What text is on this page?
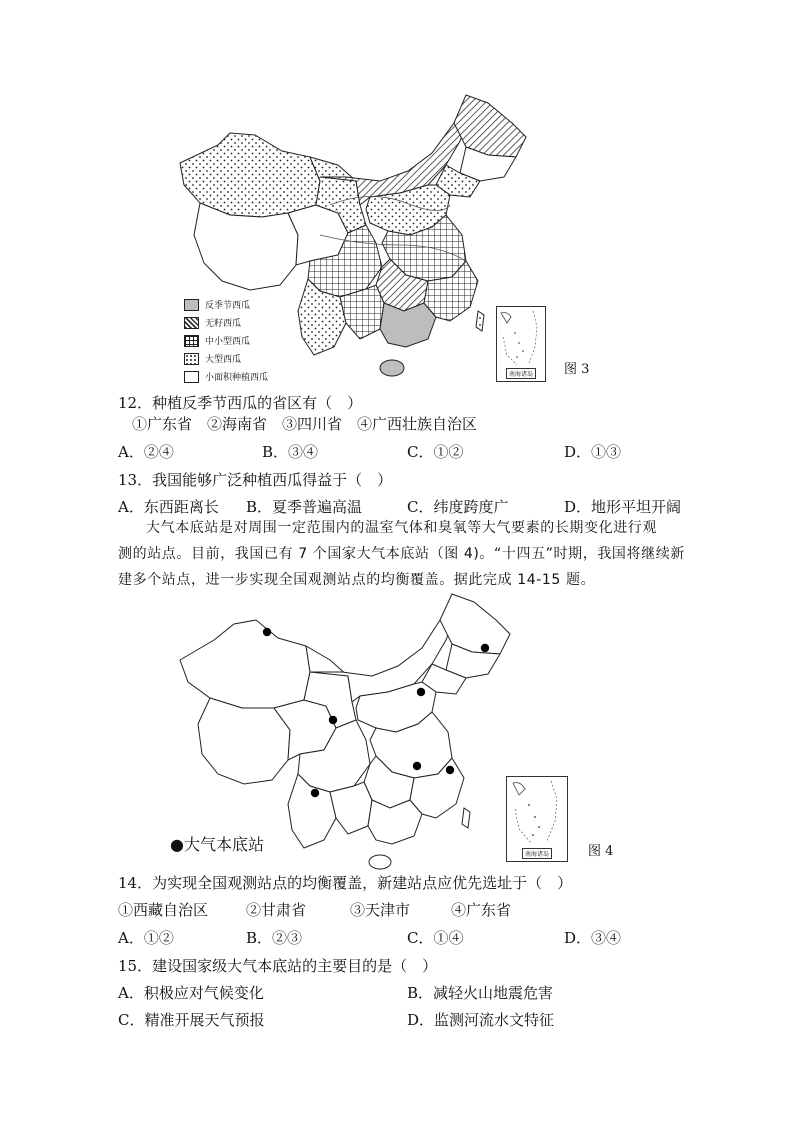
反季节西瓜
无籽西瓜
中小型西瓜
大型西瓜
小面积种植西瓜	南海诸岛 图 3
12．种植反季节西瓜的省区有（　）
①广东省　②海南省　③四川省　④广西壮族自治区
A．②④	B．③④	C．①②	D．①③
13．我国能够广泛种植西瓜得益于（　）
A．东西距离长 B．夏季普遍高温	C．纬度跨度广	D．地形平坦开阔
大气本底站是对周围一定范围内的温室气体和臭氧等大气要素的长期变化进行观
测的站点。目前，我国已有 7 个国家大气本底站（图 4)。“十四五”时期，我国将继续新
建多个站点，进一步实现全国观测站点的均衡覆盖。据此完成 14-15 题。
●大气本底站
南海诸岛	图 4
14．为实现全国观测站点的均衡覆盖，新建站点应优先选址于（　）
①西藏自治区	②甘肃省	③天津市	④广东省
A．①②	B．②③	C．①④	D．③④
15．建设国家级大气本底站的主要目的是（　）
A．积极应对气候变化	B．减轻火山地震危害
C．精准开展天气预报	D．监测河流水文特征
